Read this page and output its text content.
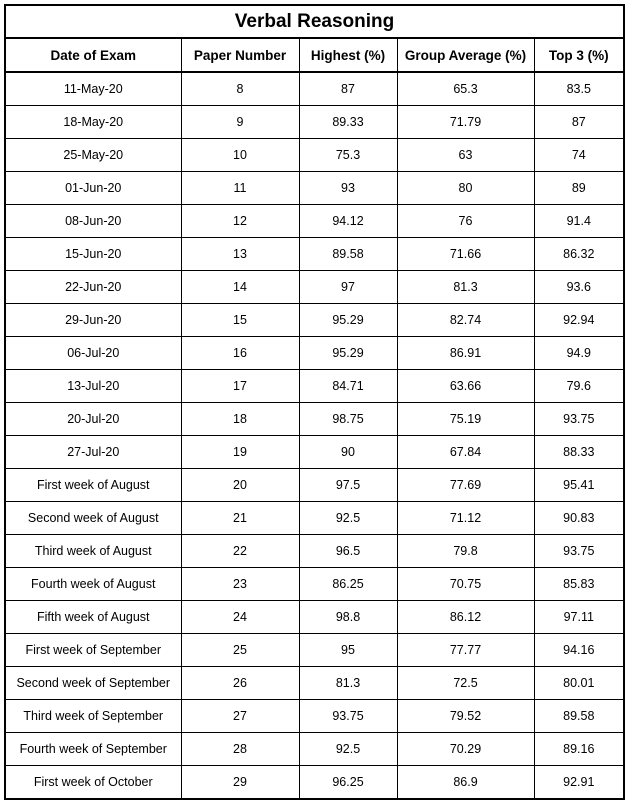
Verbal Reasoning				
Date of Exam	Paper Number	Highest (%)	Group Average (%)	Top 3 (%)
11-May-20	8	87	65.3	83.5
18-May-20	9	89.33	71.79	87
25-May-20	10	75.3	63	74
01-Jun-20	11	93	80	89
08-Jun-20	12	94.12	76	91.4
15-Jun-20	13	89.58	71.66	86.32
22-Jun-20	14	97	81.3	93.6
29-Jun-20	15	95.29	82.74	92.94
06-Jul-20	16	95.29	86.91	94.9
13-Jul-20	17	84.71	63.66	79.6
20-Jul-20	18	98.75	75.19	93.75
27-Jul-20	19	90	67.84	88.33
First week of August	20	97.5	77.69	95.41
Second week of August	21	92.5	71.12	90.83
Third week of August	22	96.5	79.8	93.75
Fourth week of August	23	86.25	70.75	85.83
Fifth week of August	24	98.8	86.12	97.11
First week of September	25	95	77.77	94.16
Second week of September	26	81.3	72.5	80.01
Third week of September	27	93.75	79.52	89.58
Fourth week of September	28	92.5	70.29	89.16
First week of October	29	96.25	86.9	92.91
